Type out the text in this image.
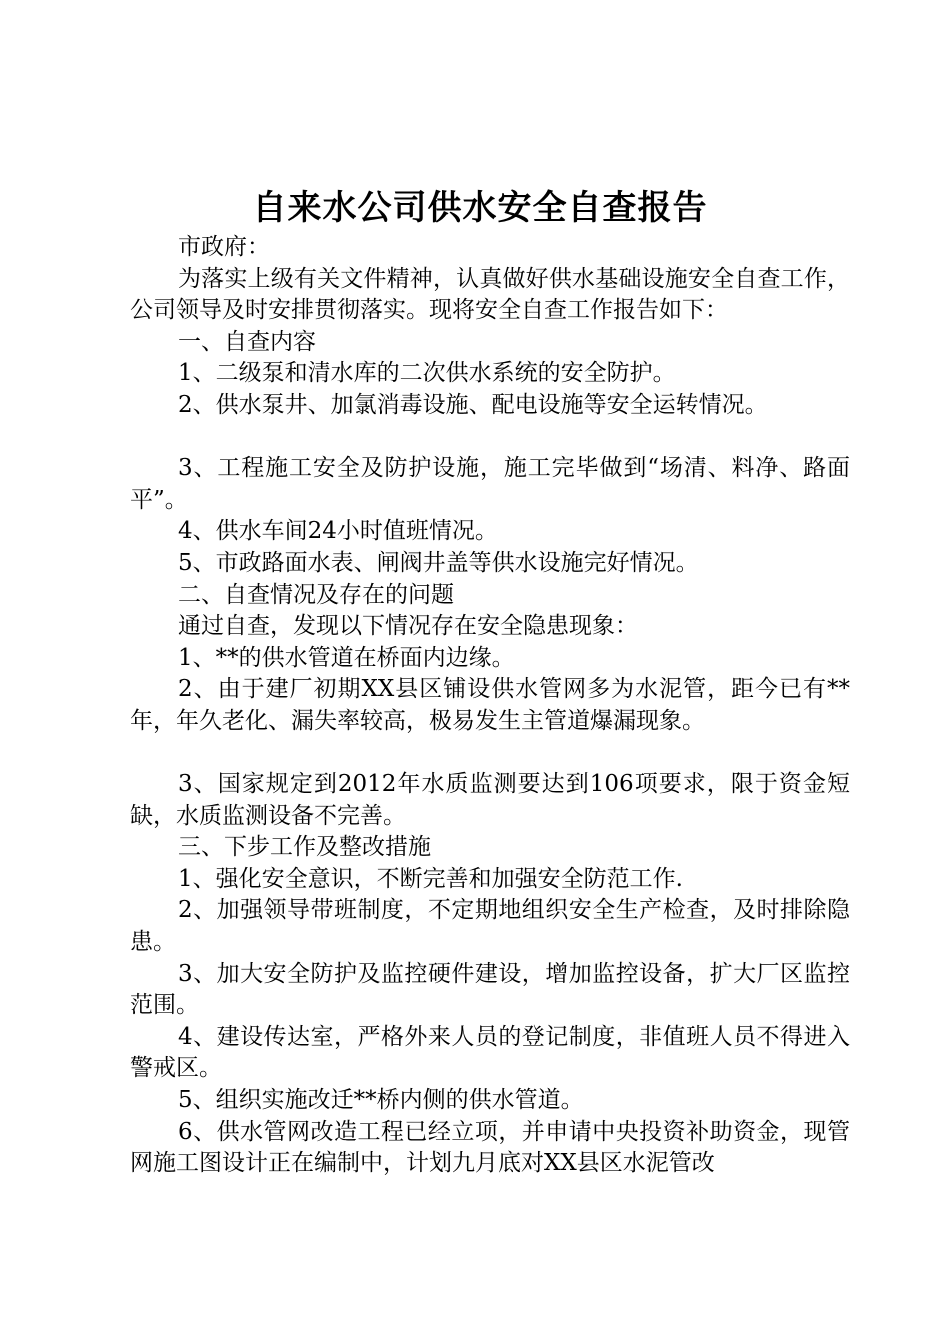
自来水公司供水安全自查报告

市政府：

为落实上级有关文件精神，认真做好供水基础设施安全自查工作，公司领导及时安排贯彻落实。现将安全自查工作报告如下：

一、自查内容

1、二级泵和清水库的二次供水系统的安全防护。

2、供水泵井、加氯消毒设施、配电设施等安全运转情况。

3、工程施工安全及防护设施，施工完毕做到“场清、料净、路面平”。

4、供水车间24小时值班情况。

5、市政路面水表、闸阀井盖等供水设施完好情况。

二、自查情况及存在的问题

通过自查，发现以下情况存在安全隐患现象：

1、**的供水管道在桥面内边缘。

2、由于建厂初期XX县区铺设供水管网多为水泥管，距今已有**年，年久老化、漏失率较高，极易发生主管道爆漏现象。

3、国家规定到2012年水质监测要达到106项要求，限于资金短缺，水质监测设备不完善。

三、下步工作及整改措施

1、强化安全意识，不断完善和加强安全防范工作.

2、加强领导带班制度，不定期地组织安全生产检查，及时排除隐患。

3、加大安全防护及监控硬件建设，增加监控设备，扩大厂区监控范围。

4、建设传达室，严格外来人员的登记制度，非值班人员不得进入警戒区。

5、组织实施改迁**桥内侧的供水管道。

6、供水管网改造工程已经立项，并申请中央投资补助资金，现管网施工图设计正在编制中，计划九月底对XX县区水泥管改
